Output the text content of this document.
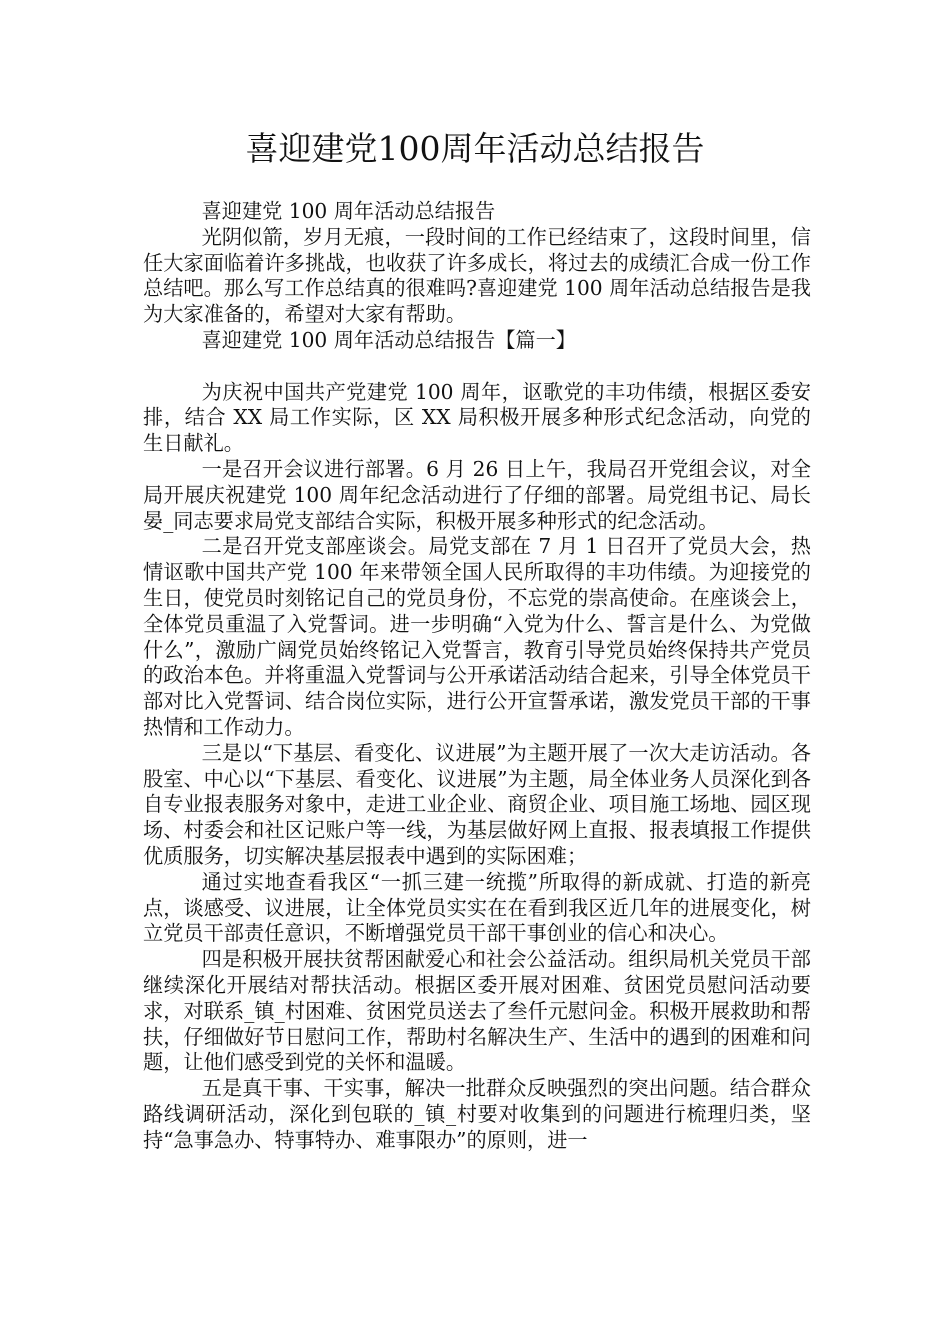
喜迎建党100周年活动总结报告

喜迎建党 100 周年活动总结报告

光阴似箭，岁月无痕，一段时间的工作已经结束了，这段时间里，信任大家面临着许多挑战，也收获了许多成长，将过去的成绩汇合成一份工作总结吧。那么写工作总结真的很难吗?喜迎建党 100 周年活动总结报告是我为大家准备的，希望对大家有帮助。

喜迎建党 100 周年活动总结报告【篇一】

为庆祝中国共产党建党 100 周年，讴歌党的丰功伟绩，根据区委安排，结合 XX 局工作实际，区 XX 局积极开展多种形式纪念活动，向党的生日献礼。

一是召开会议进行部署。6 月 26 日上午，我局召开党组会议，对全局开展庆祝建党 100 周年纪念活动进行了仔细的部署。局党组书记、局长晏_同志要求局党支部结合实际，积极开展多种形式的纪念活动。

二是召开党支部座谈会。局党支部在 7 月 1 日召开了党员大会，热情讴歌中国共产党 100 年来带领全国人民所取得的丰功伟绩。为迎接党的生日，使党员时刻铭记自己的党员身份，不忘党的崇高使命。在座谈会上，全体党员重温了入党誓词。进一步明确“入党为什么、誓言是什么、为党做什么”，激励广阔党员始终铭记入党誓言，教育引导党员始终保持共产党员的政治本色。并将重温入党誓词与公开承诺活动结合起来，引导全体党员干部对比入党誓词、结合岗位实际，进行公开宣誓承诺，激发党员干部的干事热情和工作动力。

三是以“下基层、看变化、议进展”为主题开展了一次大走访活动。各股室、中心以“下基层、看变化、议进展”为主题，局全体业务人员深化到各自专业报表服务对象中，走进工业企业、商贸企业、项目施工场地、园区现场、村委会和社区记账户等一线，为基层做好网上直报、报表填报工作提供优质服务，切实解决基层报表中遇到的实际困难；

通过实地查看我区“一抓三建一统揽”所取得的新成就、打造的新亮点，谈感受、议进展，让全体党员实实在在看到我区近几年的进展变化，树立党员干部责任意识，不断增强党员干部干事创业的信心和决心。

四是积极开展扶贫帮困献爱心和社会公益活动。组织局机关党员干部继续深化开展结对帮扶活动。根据区委开展对困难、贫困党员慰问活动要求，对联系_镇_村困难、贫困党员送去了叁仟元慰问金。积极开展救助和帮扶，仔细做好节日慰问工作，帮助村名解决生产、生活中的遇到的困难和问题，让他们感受到党的关怀和温暖。

五是真干事、干实事，解决一批群众反映强烈的突出问题。结合群众路线调研活动，深化到包联的_镇_村要对收集到的问题进行梳理归类，坚持“急事急办、特事特办、难事限办”的原则，进一
